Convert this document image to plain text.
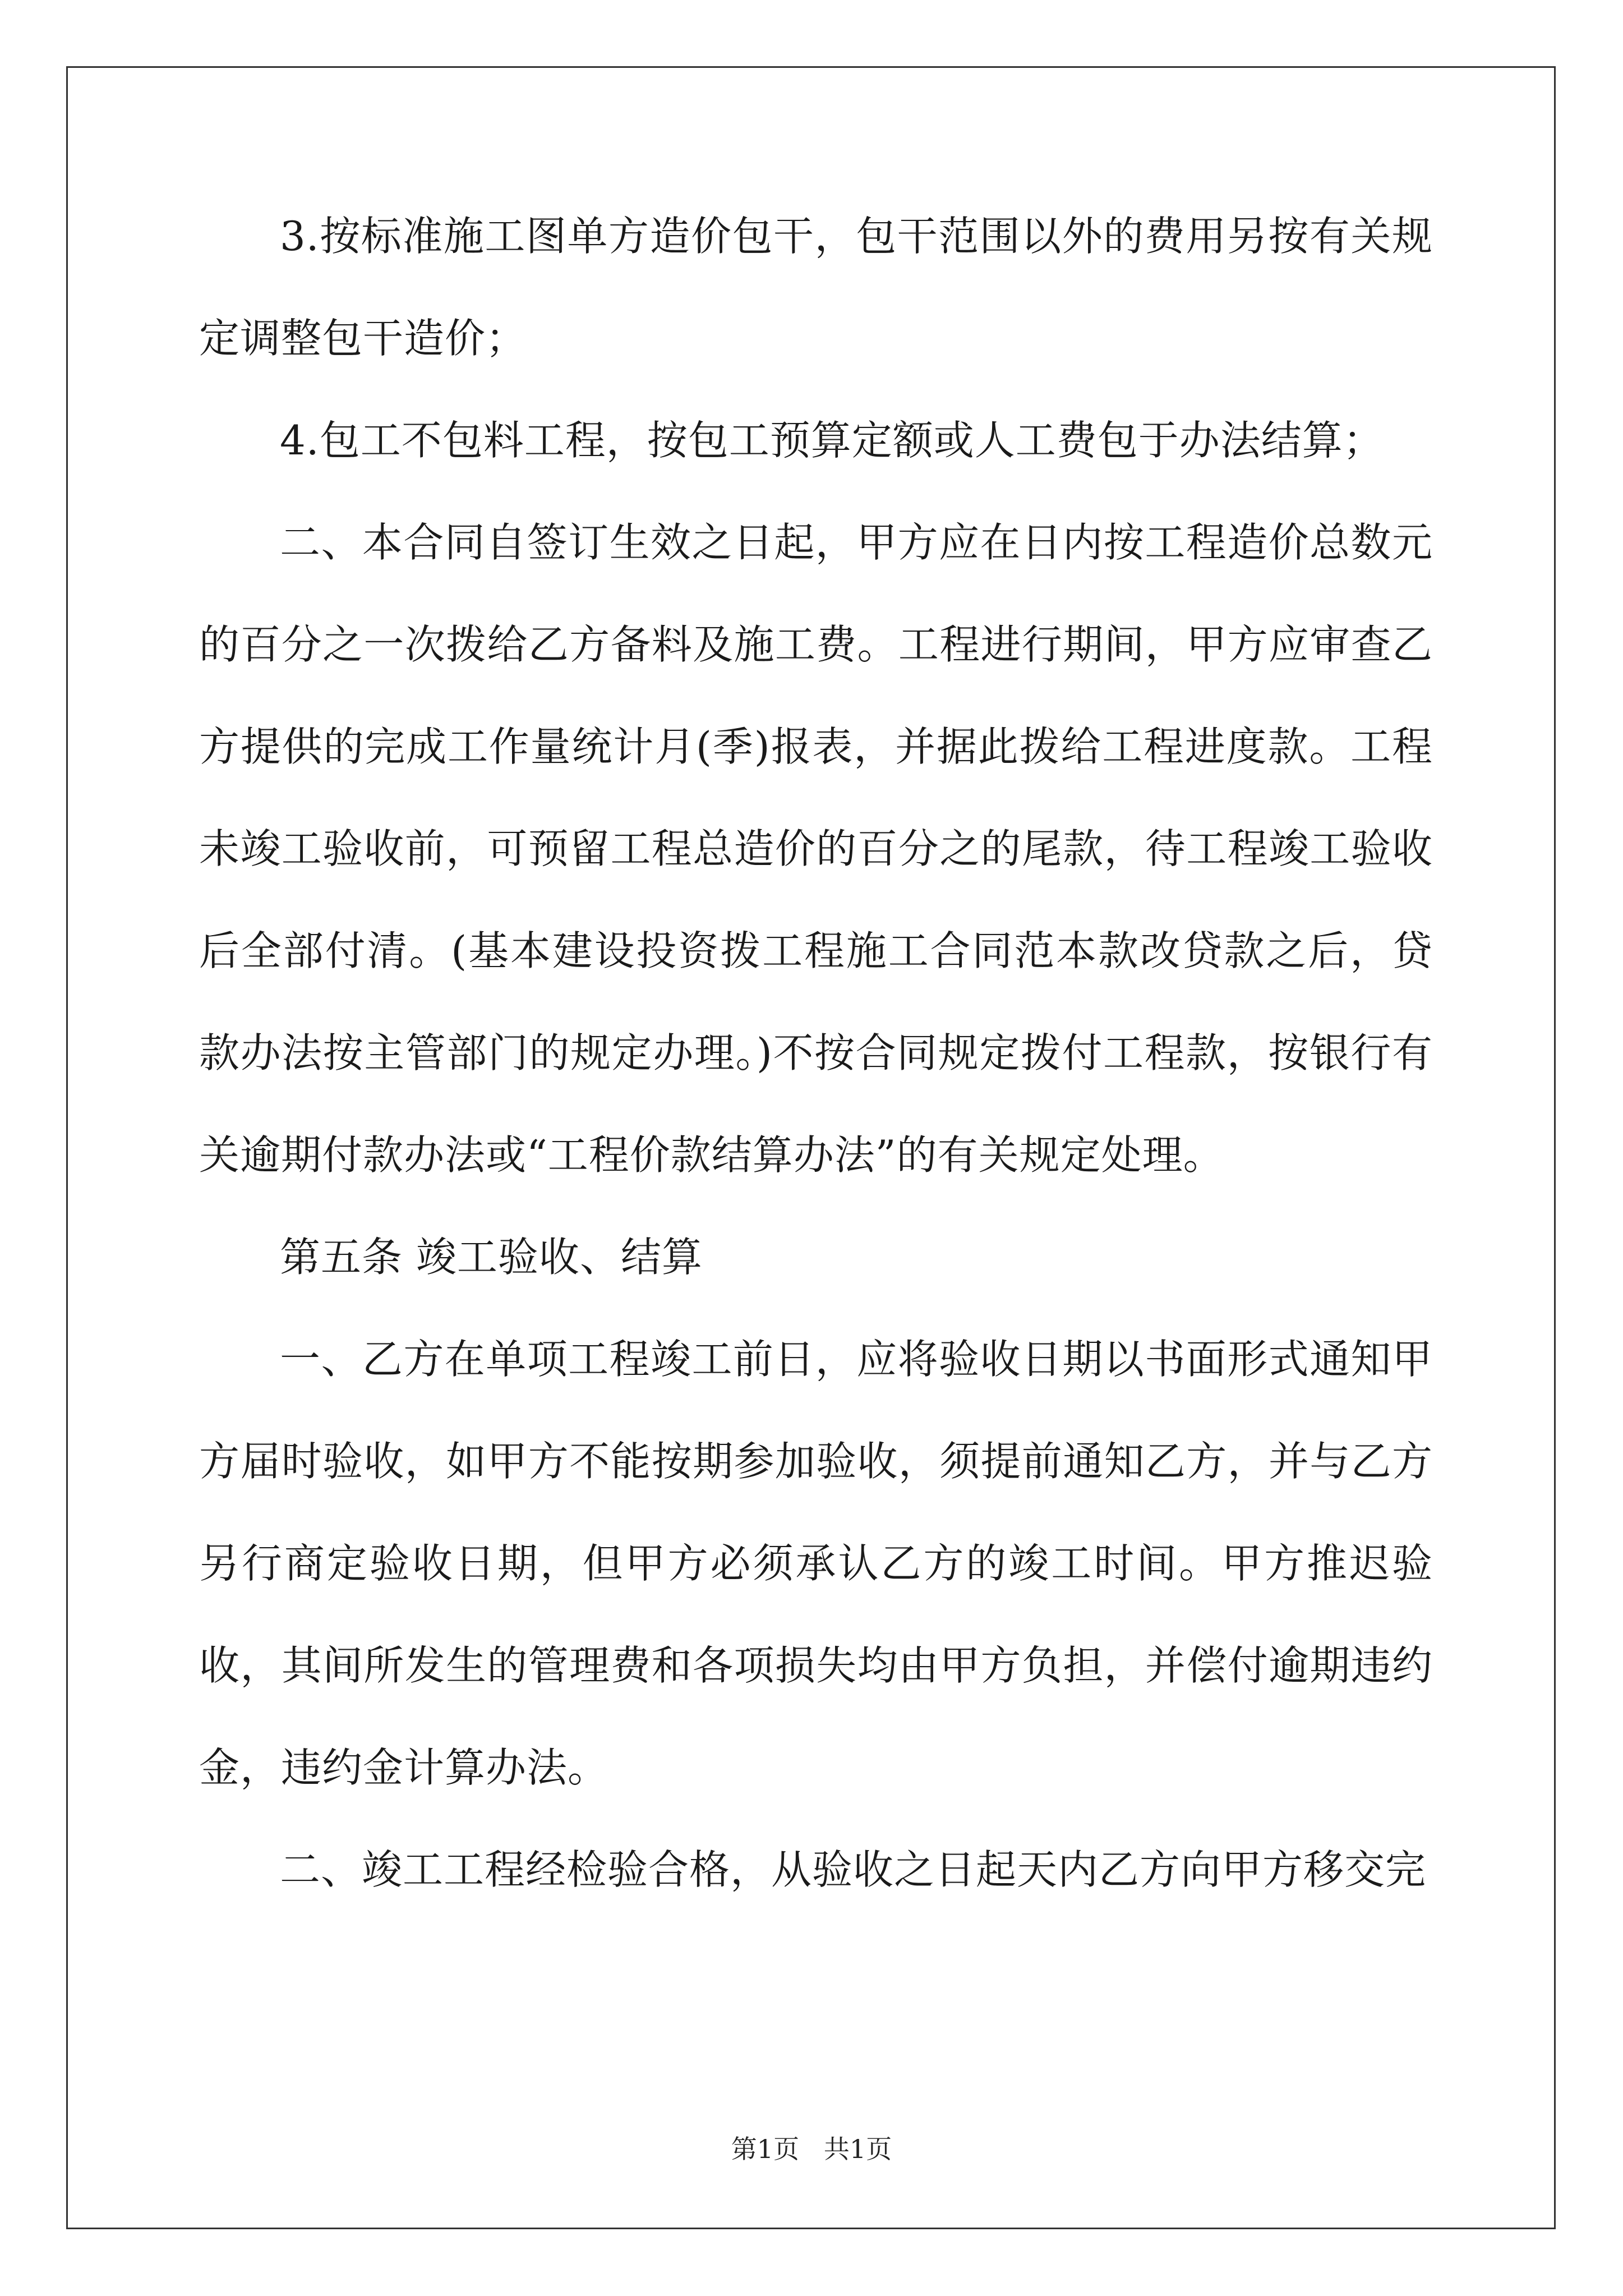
3.按标准施工图单方造价包干，包干范围以外的费用另按有关规定调整包干造价；

4.包工不包料工程，按包工预算定额或人工费包于办法结算；

二、本合同自签订生效之日起，甲方应在日内按工程造价总数元的百分之一次拨给乙方备料及施工费。工程进行期间，甲方应审查乙方提供的完成工作量统计月(季)报表，并据此拨给工程进度款。工程未竣工验收前，可预留工程总造价的百分之的尾款，待工程竣工验收后全部付清。(基本建设投资拨工程施工合同范本款改贷款之后，贷款办法按主管部门的规定办理。)不按合同规定拨付工程款，按银行有关逾期付款办法或“工程价款结算办法”的有关规定处理。

第五条 竣工验收、结算

一、乙方在单项工程竣工前日，应将验收日期以书面形式通知甲方届时验收，如甲方不能按期参加验收，须提前通知乙方，并与乙方另行商定验收日期，但甲方必须承认乙方的竣工时间。甲方推迟验收，其间所发生的管理费和各项损失均由甲方负担，并偿付逾期违约金，违约金计算办法。

二、竣工工程经检验合格，从验收之日起天内乙方向甲方移交完

第1页   共1页
